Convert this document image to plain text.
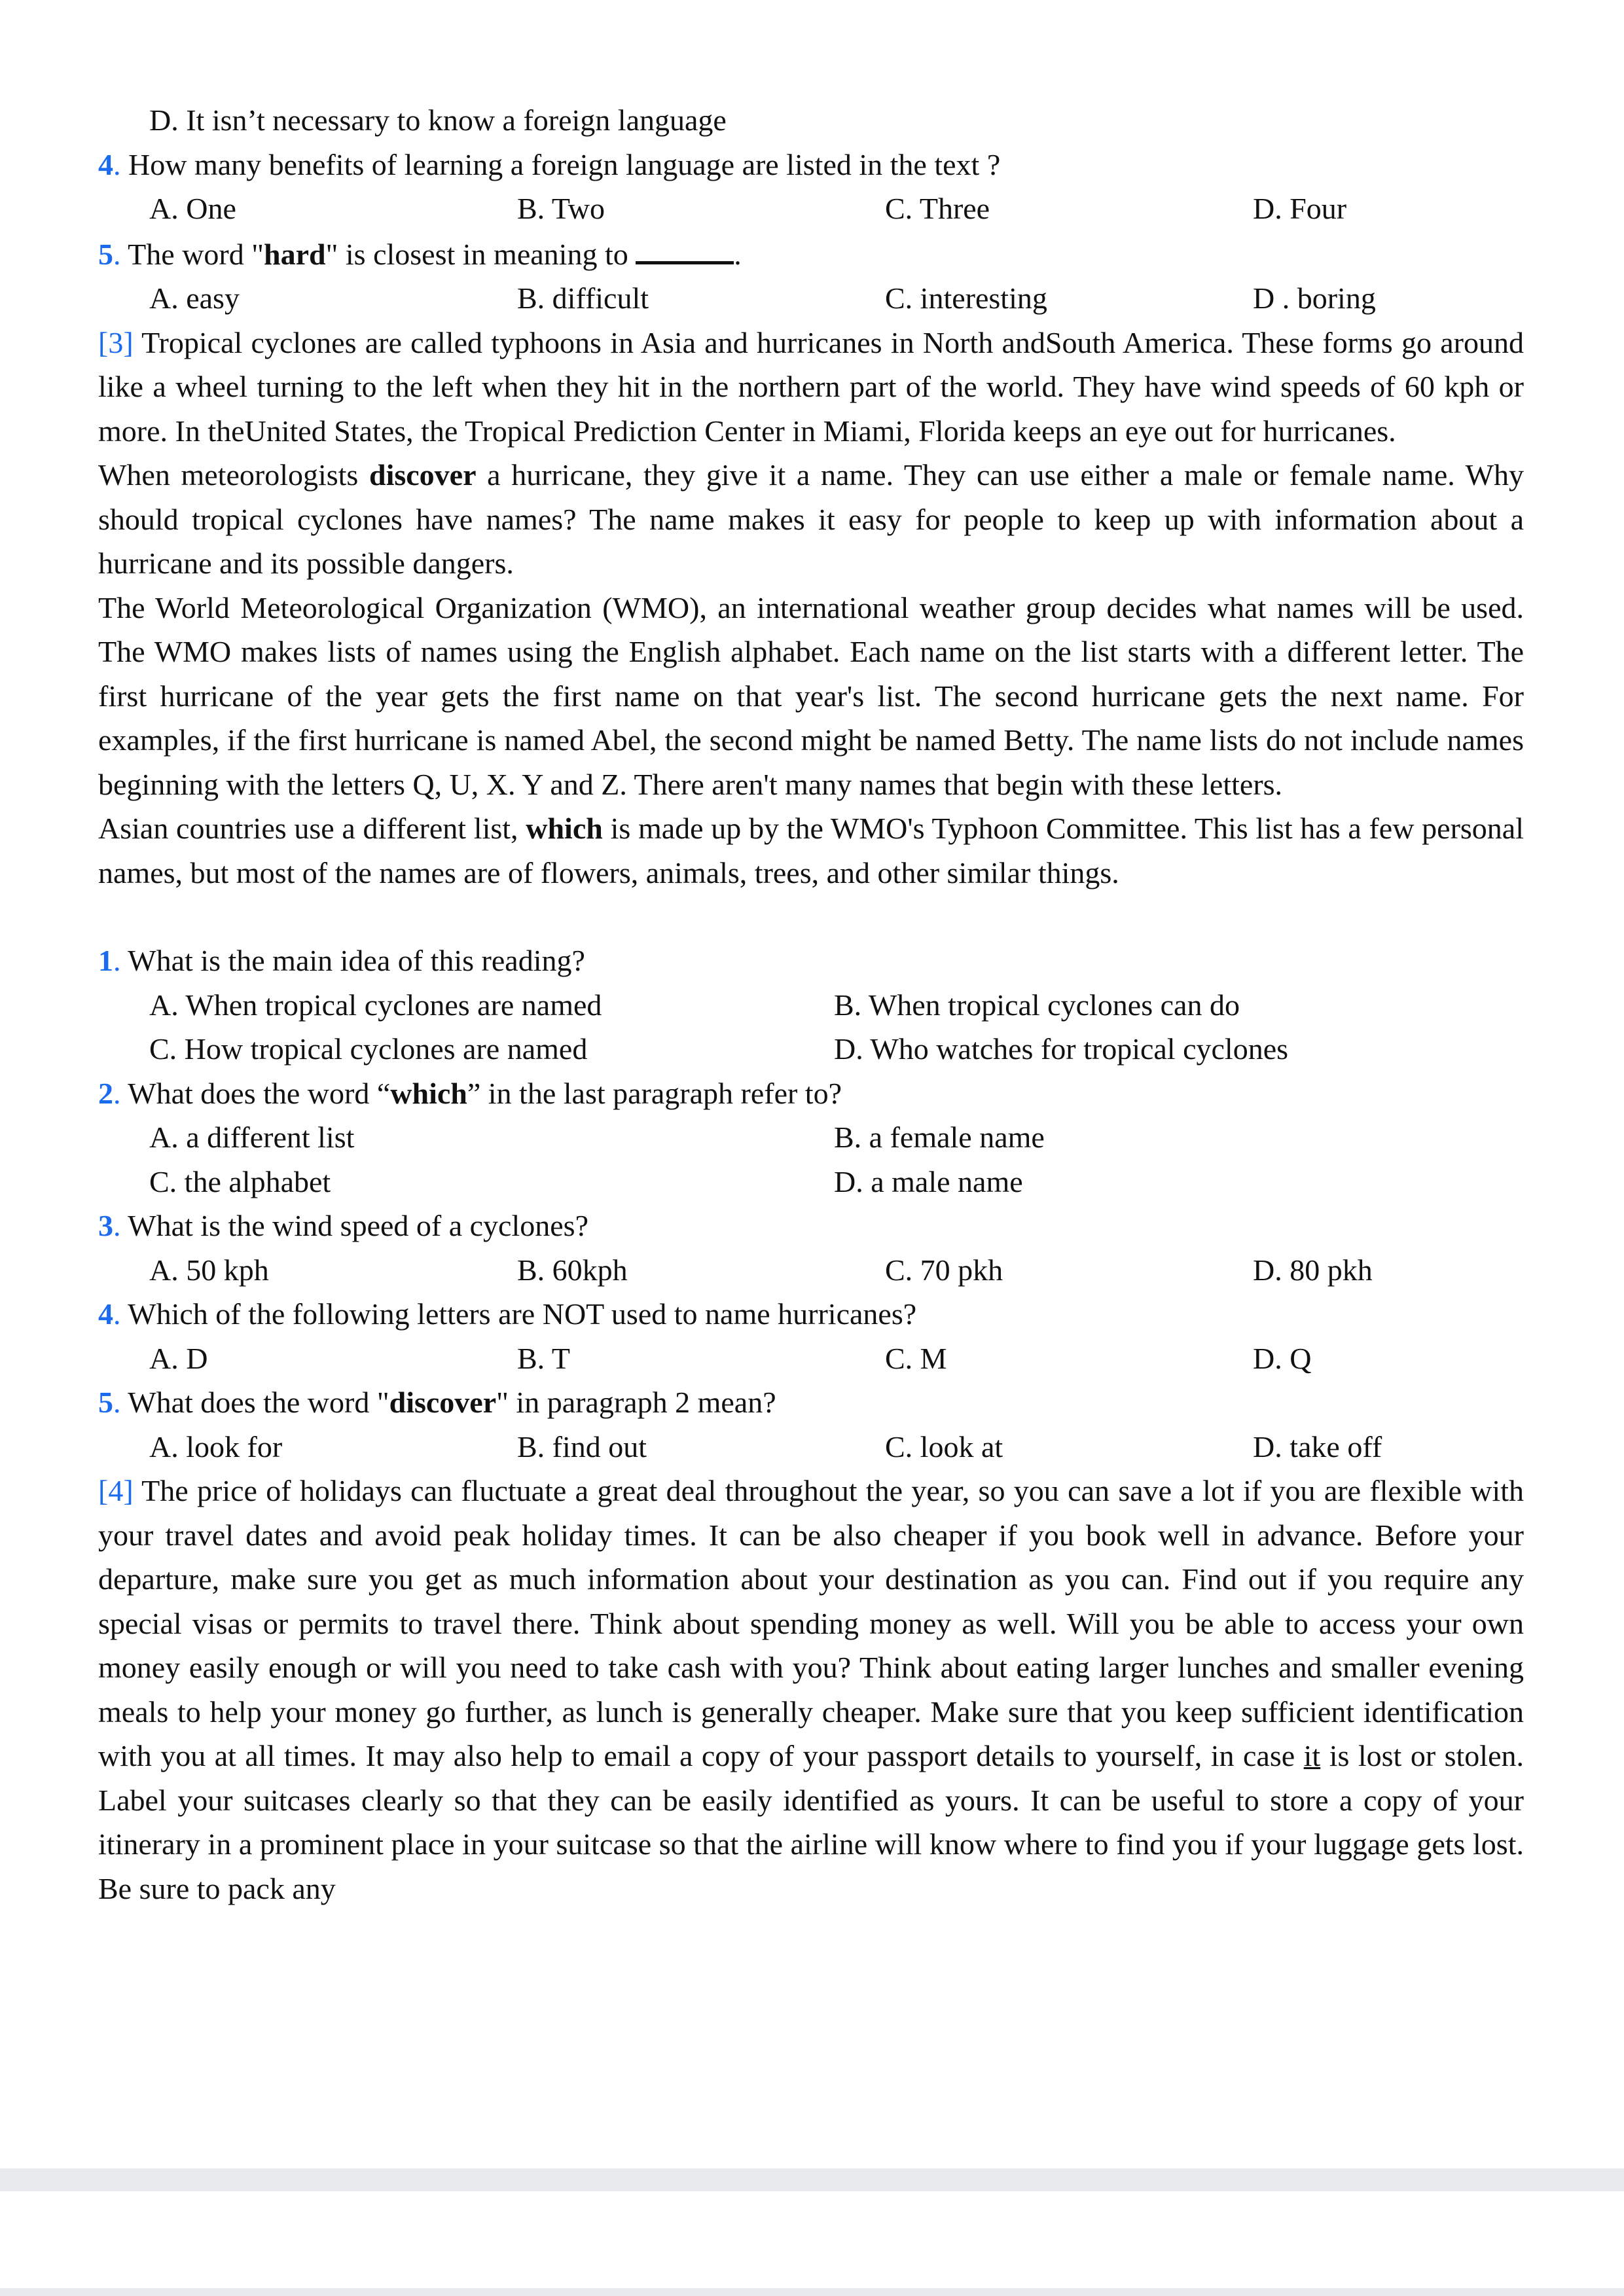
D. It isn’t necessary to know a foreign language
4. How many benefits of learning a foreign language are listed in the text ?
A. One	B. Two	C. Three	D. Four
5. The word "hard" is closest in meaning to	.
A. easy	B. difficult	C. interesting	D . boring
[3] Tropical cyclones are called typhoons in Asia and hurricanes in North andSouth America. These forms go around like a wheel turning to the left when they hit in the northern part of the world. They have wind speeds of 60 kph or more. In theUnited States, the Tropical Prediction Center in Miami, Florida keeps an eye out for hurricanes.
When meteorologists discover a hurricane, they give it a name. They can use either a male or female name. Why should tropical cyclones have names? The name makes it easy for people to keep up with information about a hurricane and its possible dangers.
The World Meteorological Organization (WMO), an international weather group decides what names will be used. The WMO makes lists of names using the English alphabet. Each name on the list starts with a different letter. The first hurricane of the year gets the first name on that year's list. The second hurricane gets the next name. For examples, if the first hurricane is named Abel, the second might be named Betty. The name lists do not include names beginning with the letters Q, U, X. Y and Z. There aren't many names that begin with these letters.
Asian countries use a different list, which is made up by the WMO's Typhoon Committee. This list has a few personal names, but most of the names are of flowers, animals, trees, and other similar things.
1. What is the main idea of this reading?
A. When tropical cyclones are named	B. When tropical cyclones can do
C. How tropical cyclones are named	D. Who watches for tropical cyclones
2. What does the word “which” in the last paragraph refer to?
A. a different list	B. a female name
C. the alphabet	D. a male name
3. What is the wind speed of a cyclones?
A. 50 kph	B. 60kph	C. 70 pkh	D. 80 pkh
4. Which of the following letters are NOT used to name hurricanes?
A. D	B. T	C. M	D. Q
5. What does the word "discover" in paragraph 2 mean?
A. look for	B. find out	C. look at	D. take off
[4] The price of holidays can fluctuate a great deal throughout the year, so you can save a lot if you are flexible with your travel dates and avoid peak holiday times. It can be also cheaper if you book well in advance. Before your departure, make sure you get as much information about your destination as you can. Find out if you require any special visas or permits to travel there. Think about spending money as well. Will you be able to access your own money easily enough or will you need to take cash with you? Think about eating larger lunches and smaller evening meals to help your money go further, as lunch is generally cheaper. Make sure that you keep sufficient identification with you at all times. It may also help to email a copy of your passport details to yourself, in case it is lost or stolen. Label your suitcases clearly so that they can be easily identified as yours. It can be useful to store a copy of your itinerary in a prominent place in your suitcase so that the airline will know where to find you if your luggage gets lost. Be sure to pack any
